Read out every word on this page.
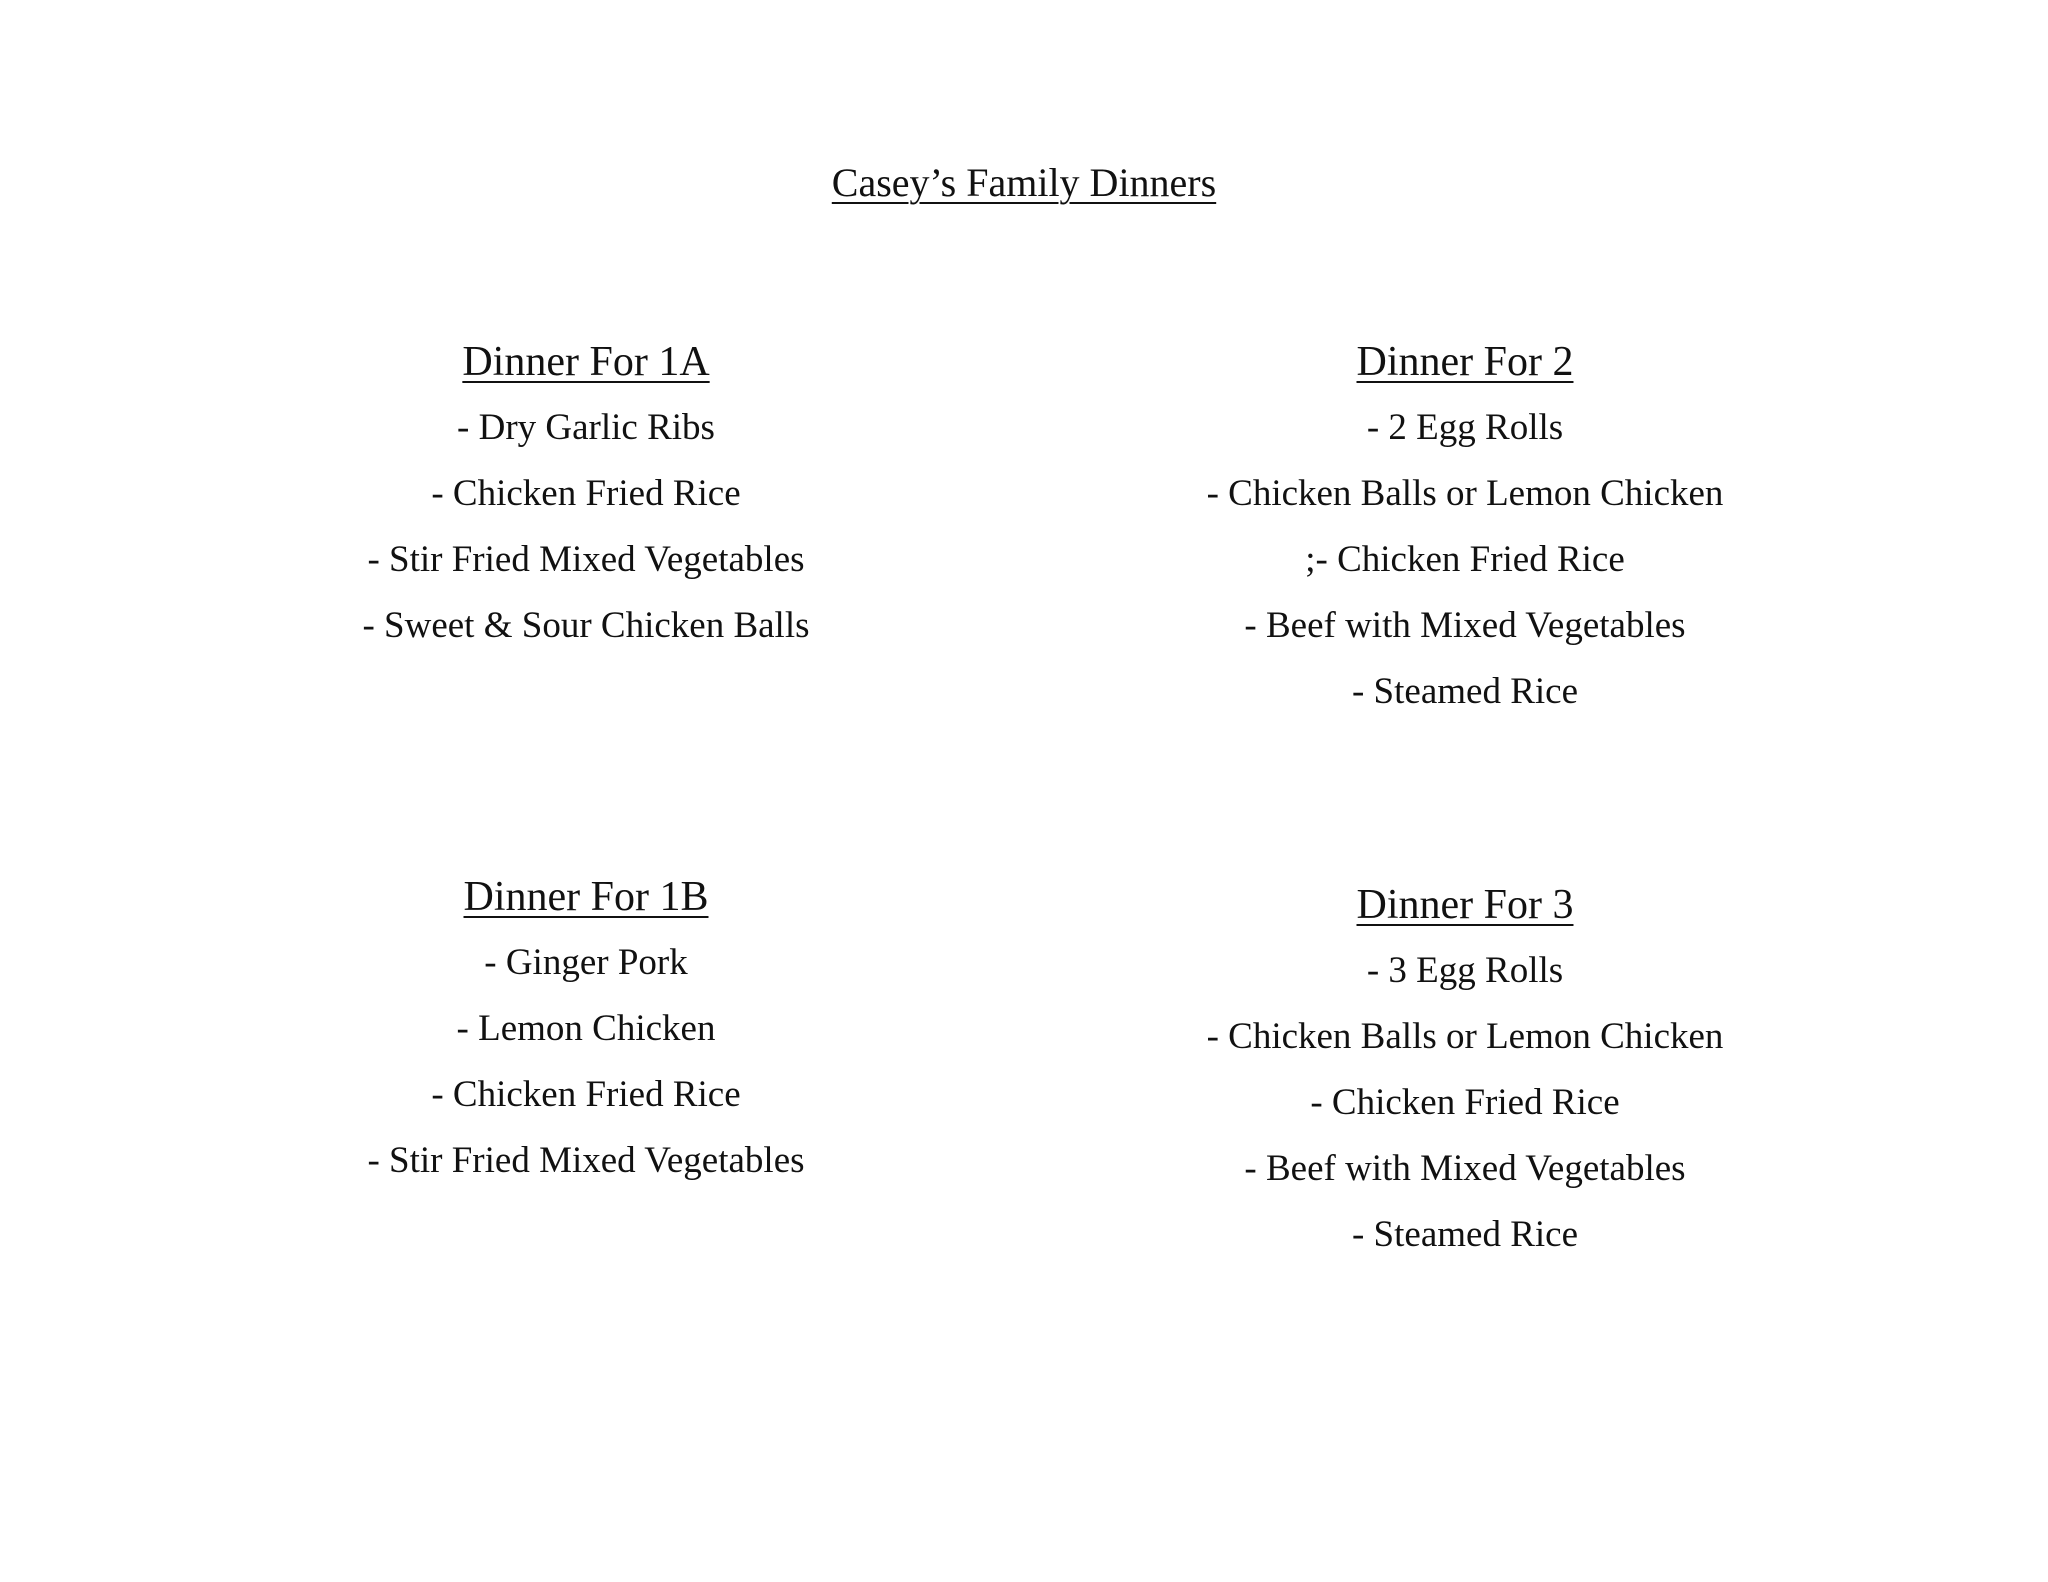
Casey’s Family Dinners
Dinner For 1A
- Dry Garlic Ribs
- Chicken Fried Rice
- Stir Fried Mixed Vegetables
- Sweet & Sour Chicken Balls
Dinner For 2
- 2 Egg Rolls
- Chicken Balls or Lemon Chicken
;- Chicken Fried Rice
- Beef with Mixed Vegetables
- Steamed Rice
Dinner For 1B
- Ginger Pork
- Lemon Chicken
- Chicken Fried Rice
- Stir Fried Mixed Vegetables
Dinner For 3
- 3 Egg Rolls
- Chicken Balls or Lemon Chicken
- Chicken Fried Rice
- Beef with Mixed Vegetables
- Steamed Rice
